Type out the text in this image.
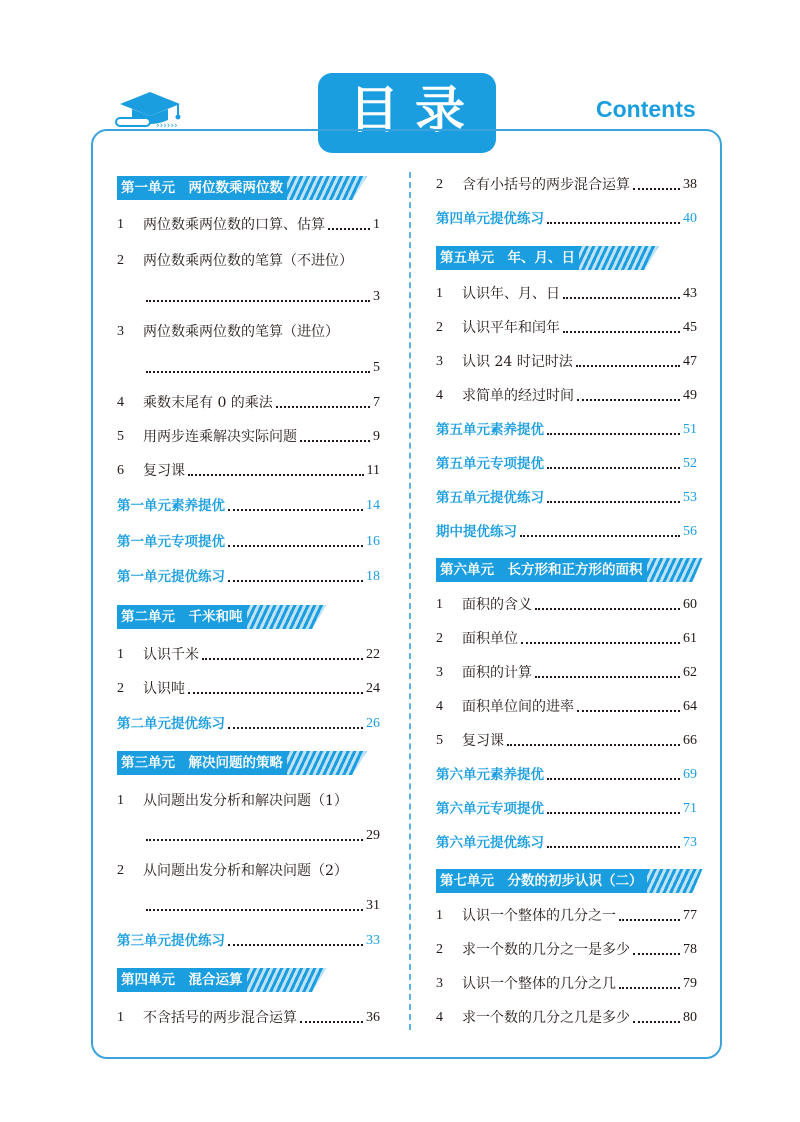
››››››	目录	Contents
第一单元　两位数乘两位数
1	两位数乘两位数的口算、估算	1
2	两位数乘两位数的笔算（不进位）
3
3	两位数乘两位数的笔算（进位）
5
4	乘数末尾有 0 的乘法	7
5	用两步连乘解决实际问题	9
6	复习课	11
第一单元素养提优	14
第一单元专项提优	16
第一单元提优练习	18
第二单元　千米和吨
1	认识千米	22
2	认识吨	24
第二单元提优练习	26
第三单元　解决问题的策略
1	从问题出发分析和解决问题（1）
29
2	从问题出发分析和解决问题（2）
31
第三单元提优练习	33
第四单元　混合运算
1	不含括号的两步混合运算	36
2	含有小括号的两步混合运算	38
第四单元提优练习	40
第五单元　年、月、日
1	认识年、月、日	43
2	认识平年和闰年	45
3	认识 24 时记时法	47
4	求简单的经过时间	49
第五单元素养提优	51
第五单元专项提优	52
第五单元提优练习	53
期中提优练习	56
第六单元　长方形和正方形的面积
1	面积的含义	60
2	面积单位	61
3	面积的计算	62
4	面积单位间的进率	64
5	复习课	66
第六单元素养提优	69
第六单元专项提优	71
第六单元提优练习	73
第七单元　分数的初步认识（二）
1	认识一个整体的几分之一	77
2	求一个数的几分之一是多少	78
3	认识一个整体的几分之几	79
4	求一个数的几分之几是多少	80
